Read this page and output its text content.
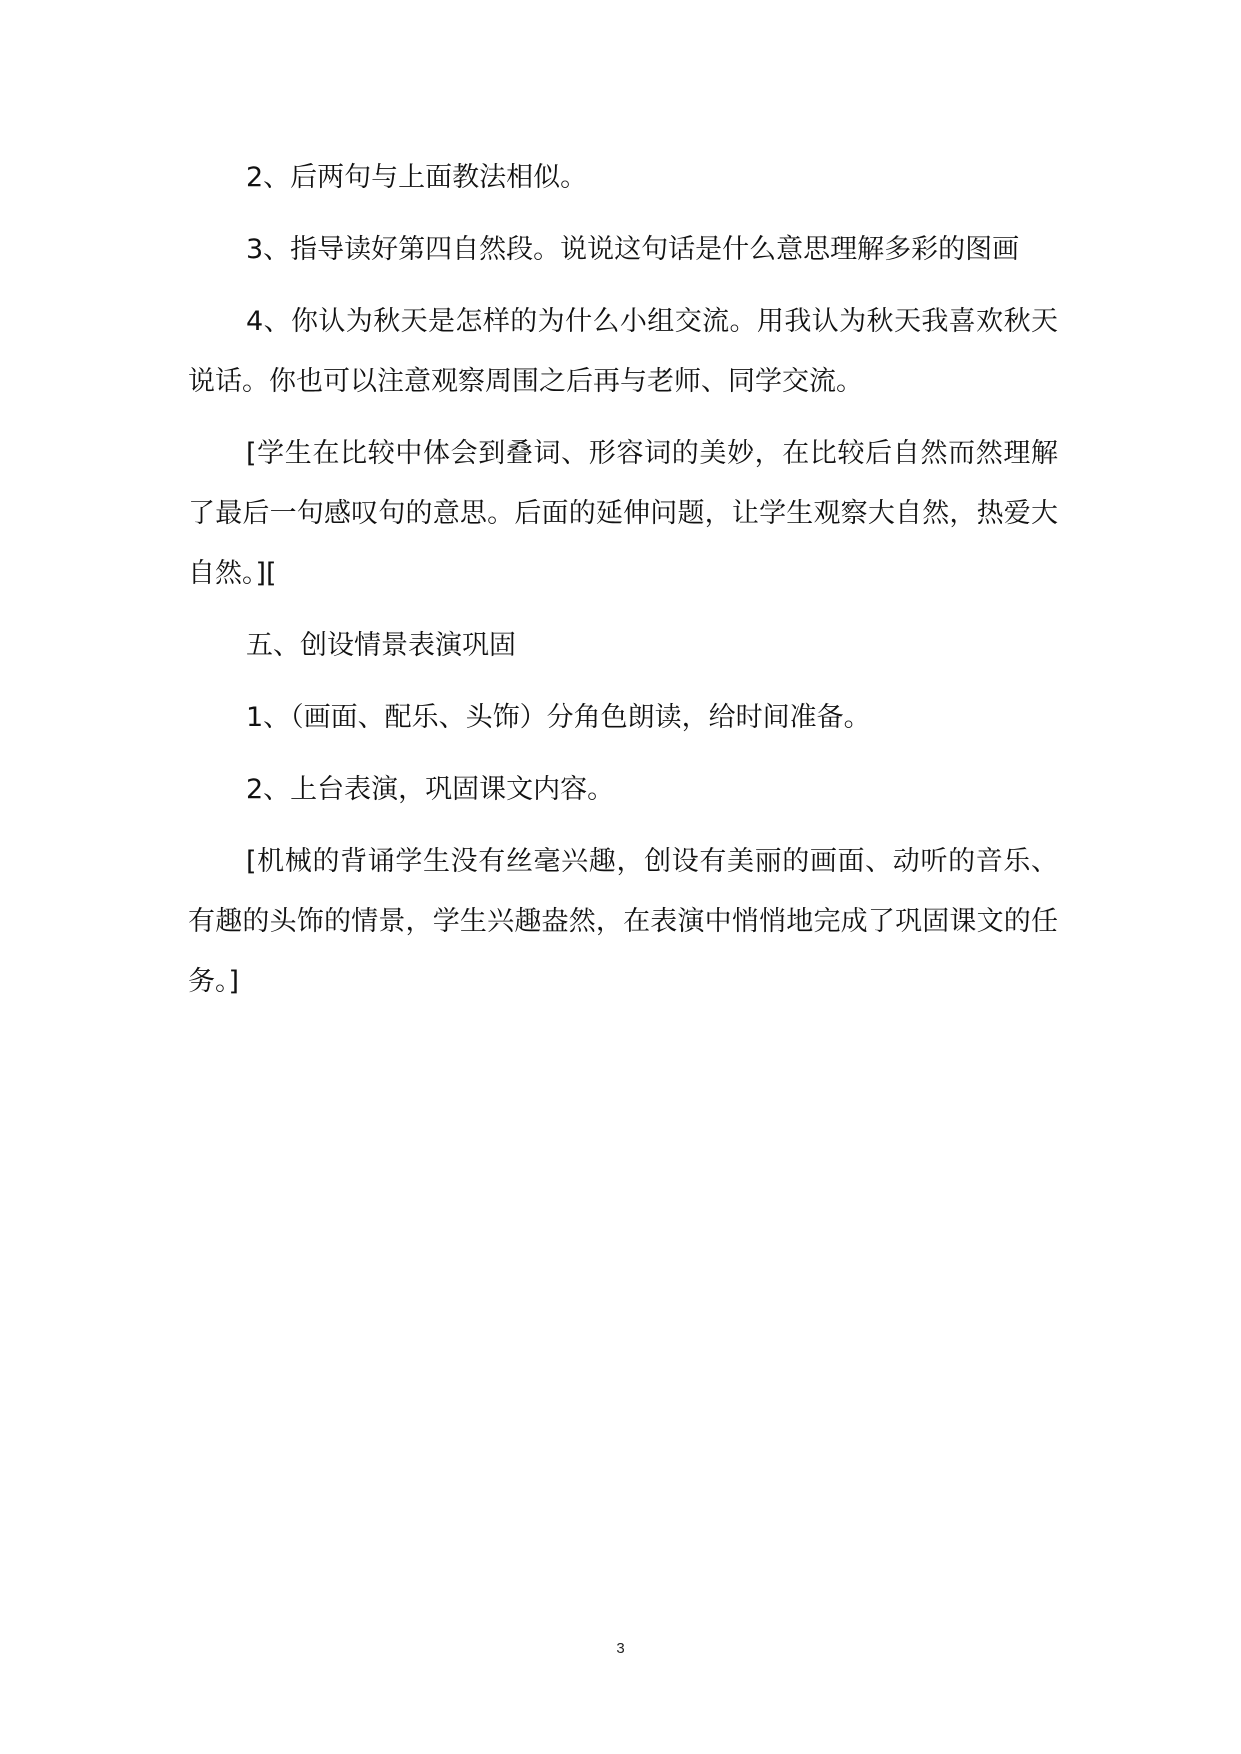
2、后两句与上面教法相似。

3、指导读好第四自然段。说说这句话是什么意思理解多彩的图画

4、你认为秋天是怎样的为什么小组交流。用我认为秋天我喜欢秋天说话。你也可以注意观察周围之后再与老师、同学交流。

[学生在比较中体会到叠词、形容词的美妙，在比较后自然而然理解了最后一句感叹句的意思。后面的延伸问题，让学生观察大自然，热爱大自然。][

五、创设情景表演巩固

1、（画面、配乐、头饰）分角色朗读，给时间准备。

2、上台表演，巩固课文内容。

[机械的背诵学生没有丝毫兴趣，创设有美丽的画面、动听的音乐、有趣的头饰的情景，学生兴趣盎然，在表演中悄悄地完成了巩固课文的任务。]

3
